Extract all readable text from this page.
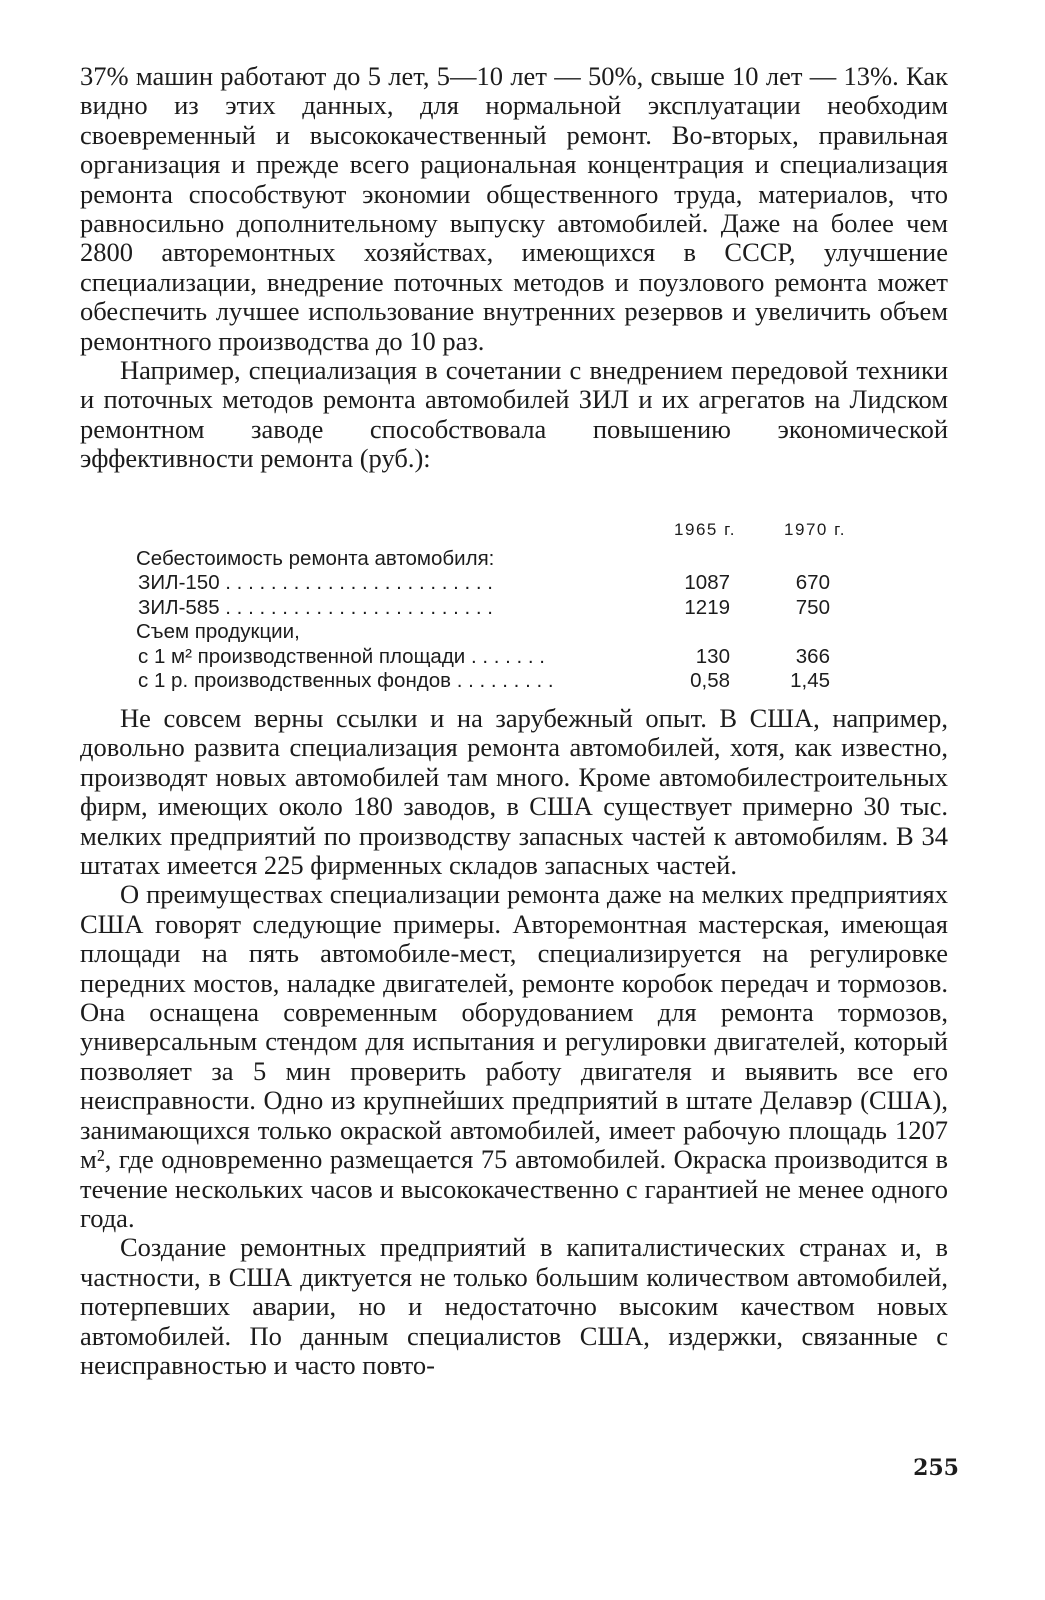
37% машин работают до 5 лет, 5—10 лет — 50%, свыше 10 лет — 13%. Как видно из этих данных, для нормальной эксплуатации необходим своевременный и высококачественный ремонт. Во-вторых, правильная организация и прежде всего рациональная концентрация и специализация ремонта способствуют экономии общественного труда, материалов, что равносильно дополнительному выпуску автомобилей. Даже на более чем 2800 авторемонтных хозяйствах, имеющихся в СССР, улучшение специализации, внедрение поточных методов и поузлового ремонта может обеспечить лучшее использование внутренних резервов и увеличить объем ремонтного производства до 10 раз.

Например, специализация в сочетании с внедрением передовой техники и поточных методов ремонта автомобилей ЗИЛ и их агрегатов на Лидском ремонтном заводе способствовала повышению экономической эффективности ремонта (руб.):

1965 г.	1970 г.
Себестоимость ремонта автомобиля:
ЗИЛ-150 . . . . . . . . . . . . . . . . . . . . . . . .	1087	670
ЗИЛ-585 . . . . . . . . . . . . . . . . . . . . . . . .	1219	750
Съем продукции,
с 1 м² производственной площади . . . . . . .	130	366
с 1 р. производственных фондов . . . . . . . . .	0,58	1,45

Не совсем верны ссылки и на зарубежный опыт. В США, например, довольно развита специализация ремонта автомобилей, хотя, как известно, производят новых автомобилей там много. Кроме автомобилестроительных фирм, имеющих около 180 заводов, в США существует примерно 30 тыс. мелких предприятий по производству запасных частей к автомобилям. В 34 штатах имеется 225 фирменных складов запасных частей.

О преимуществах специализации ремонта даже на мелких предприятиях США говорят следующие примеры. Авторемонтная мастерская, имеющая площади на пять автомобиле-мест, специализируется на регулировке передних мостов, наладке двигателей, ремонте коробок передач и тормозов. Она оснащена современным оборудованием для ремонта тормозов, универсальным стендом для испытания и регулировки двигателей, который позволяет за 5 мин проверить работу двигателя и выявить все его неисправности. Одно из крупнейших предприятий в штате Делавэр (США), занимающихся только окраской автомобилей, имеет рабочую площадь 1207 м², где одновременно размещается 75 автомобилей. Окраска производится в течение нескольких часов и высококачественно с гарантией не менее одного года.

Создание ремонтных предприятий в капиталистических странах и, в частности, в США диктуется не только большим количеством автомобилей, потерпевших аварии, но и недостаточно высоким качеством новых автомобилей. По данным специалистов США, издержки, связанные с неисправностью и часто повто-

255
